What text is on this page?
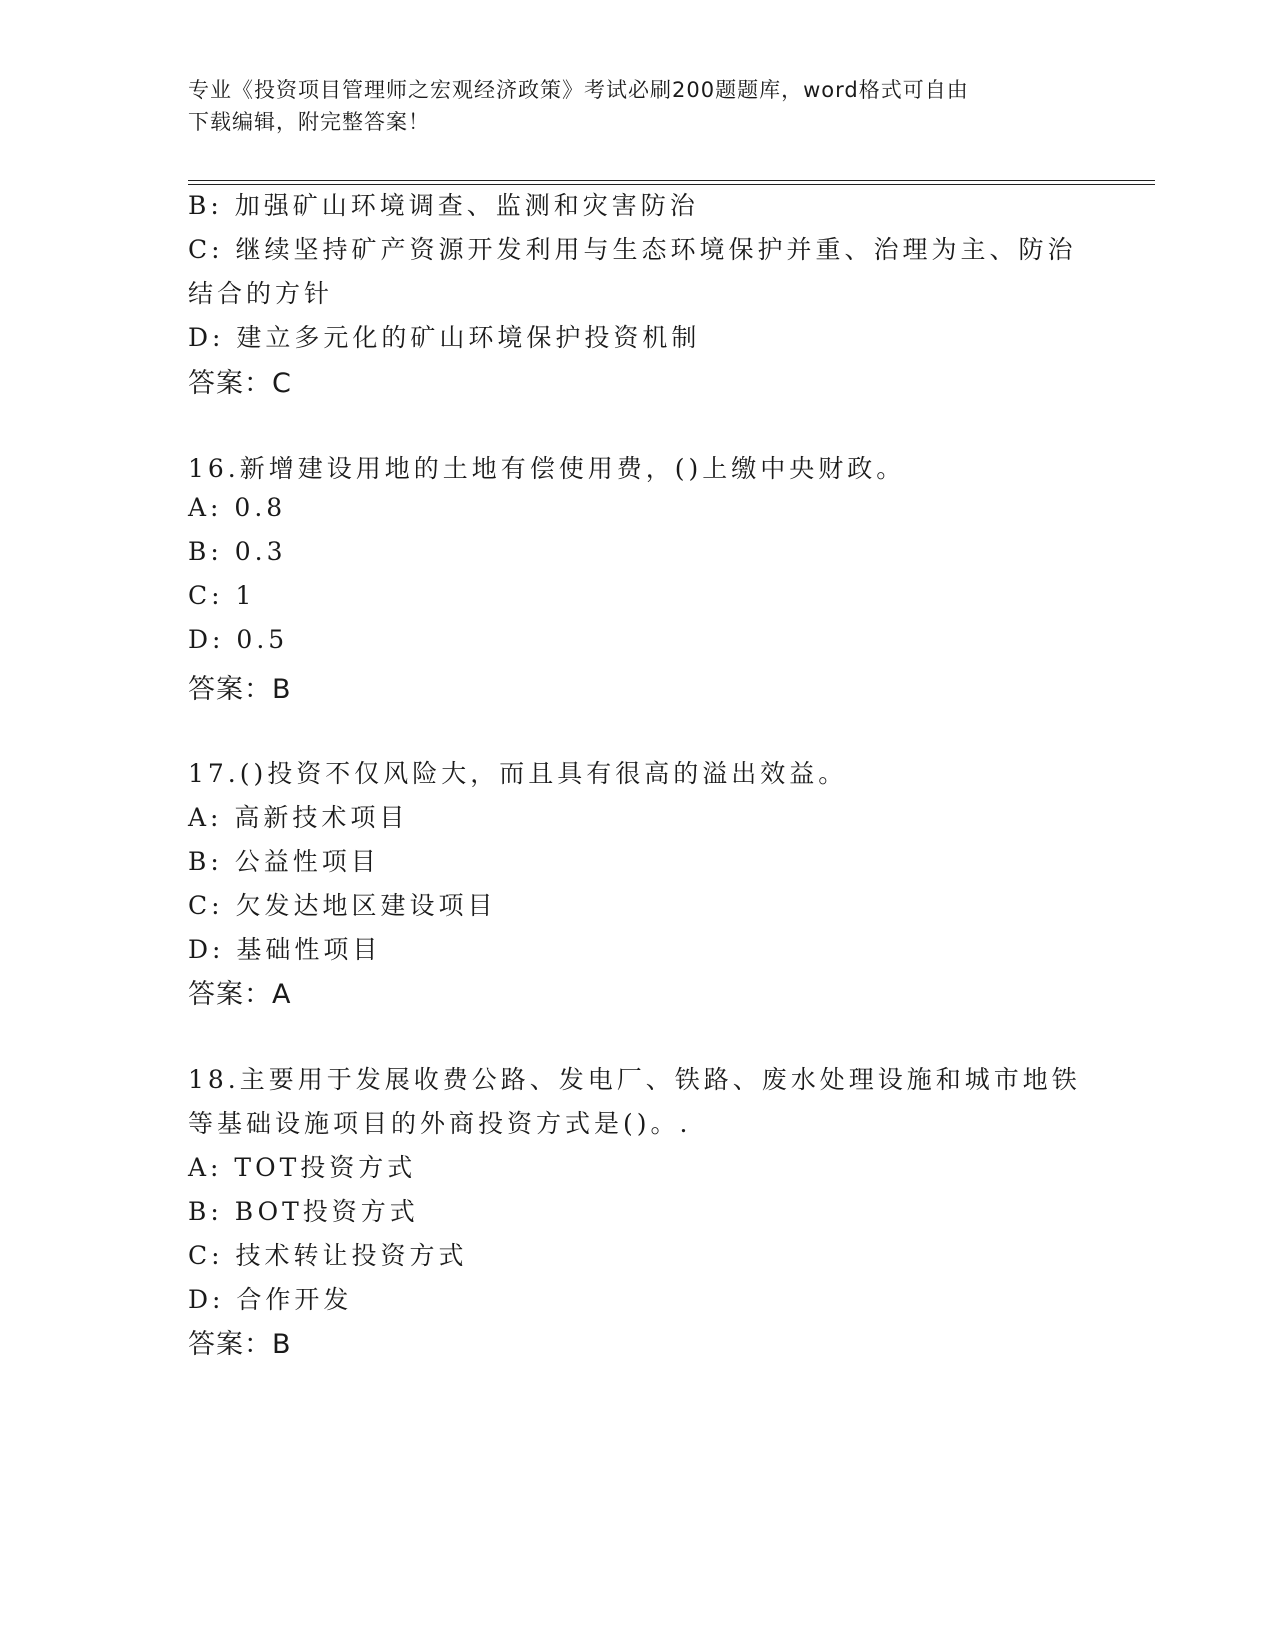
专业《投资项目管理师之宏观经济政策》考试必刷200题题库，word格式可自由
下载编辑，附完整答案！
B: 加强矿山环境调查、监测和灾害防治
C: 继续坚持矿产资源开发利用与生态环境保护并重、治理为主、防治
结合的方针
D: 建立多元化的矿山环境保护投资机制
答案：C
16.新增建设用地的土地有偿使用费，()上缴中央财政。
A: 0.8
B: 0.3
C: 1
D: 0.5
答案：B
17.()投资不仅风险大，而且具有很高的溢出效益。
A: 高新技术项目
B: 公益性项目
C: 欠发达地区建设项目
D: 基础性项目
答案：A
18.主要用于发展收费公路、发电厂、铁路、废水处理设施和城市地铁
等基础设施项目的外商投资方式是()。.
A: TOT投资方式
B: BOT投资方式
C: 技术转让投资方式
D: 合作开发
答案：B
